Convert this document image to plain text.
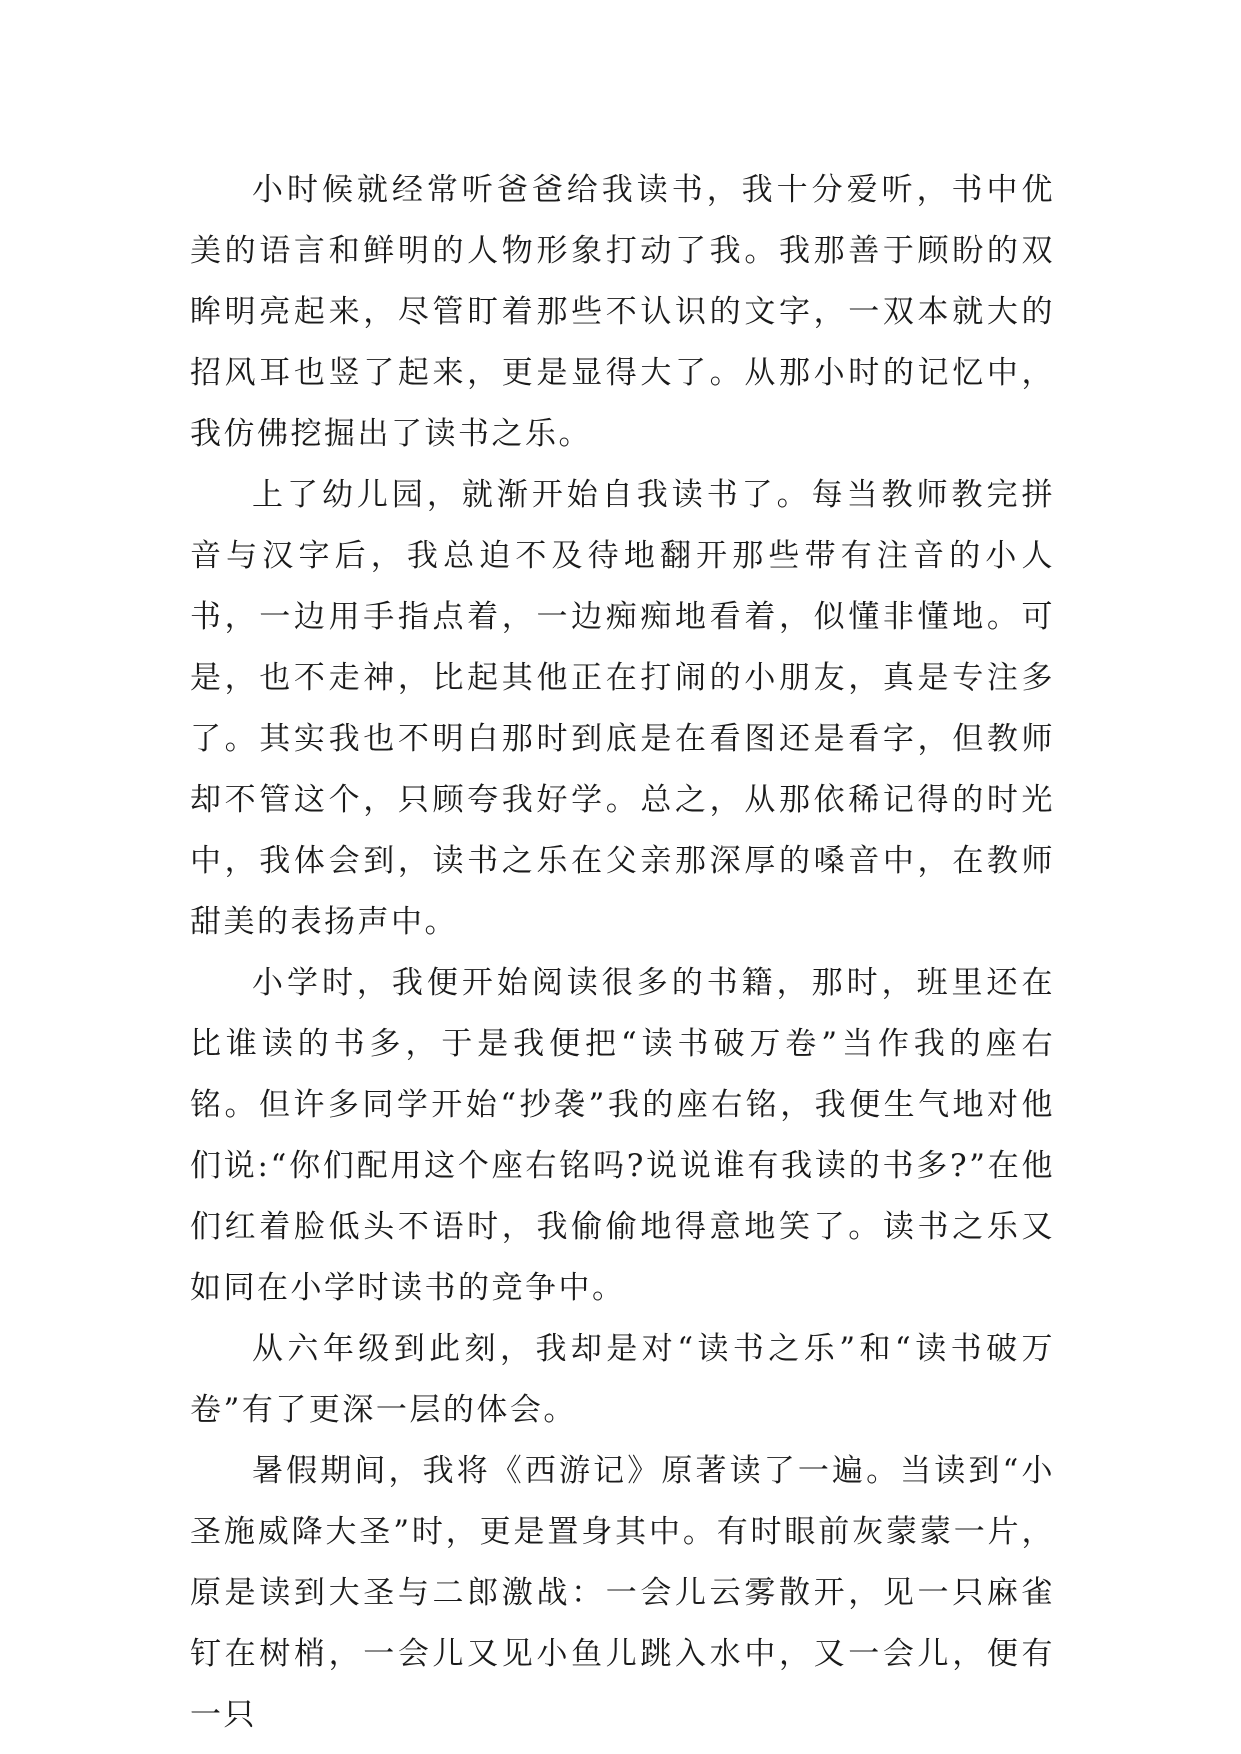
小时候就经常听爸爸给我读书，我十分爱听，书中优美的语言和鲜明的人物形象打动了我。我那善于顾盼的双眸明亮起来，尽管盯着那些不认识的文字，一双本就大的招风耳也竖了起来，更是显得大了。从那小时的记忆中，我仿佛挖掘出了读书之乐。

上了幼儿园，就渐开始自我读书了。每当教师教完拼音与汉字后，我总迫不及待地翻开那些带有注音的小人书，一边用手指点着，一边痴痴地看着，似懂非懂地。可是，也不走神，比起其他正在打闹的小朋友，真是专注多了。其实我也不明白那时到底是在看图还是看字，但教师却不管这个，只顾夸我好学。总之，从那依稀记得的时光中，我体会到，读书之乐在父亲那深厚的嗓音中，在教师甜美的表扬声中。

小学时，我便开始阅读很多的书籍，那时，班里还在比谁读的书多，于是我便把“读书破万卷”当作我的座右铭。但许多同学开始“抄袭”我的座右铭，我便生气地对他们说:“你们配用这个座右铭吗?说说谁有我读的书多?”在他们红着脸低头不语时，我偷偷地得意地笑了。读书之乐又如同在小学时读书的竞争中。

从六年级到此刻，我却是对“读书之乐”和“读书破万卷”有了更深一层的体会。

暑假期间，我将《西游记》原著读了一遍。当读到“小圣施威降大圣”时，更是置身其中。有时眼前灰蒙蒙一片，原是读到大圣与二郎激战：一会儿云雾散开，见一只麻雀钉在树梢，一会儿又见小鱼儿跳入水中，又一会儿，便有一只
